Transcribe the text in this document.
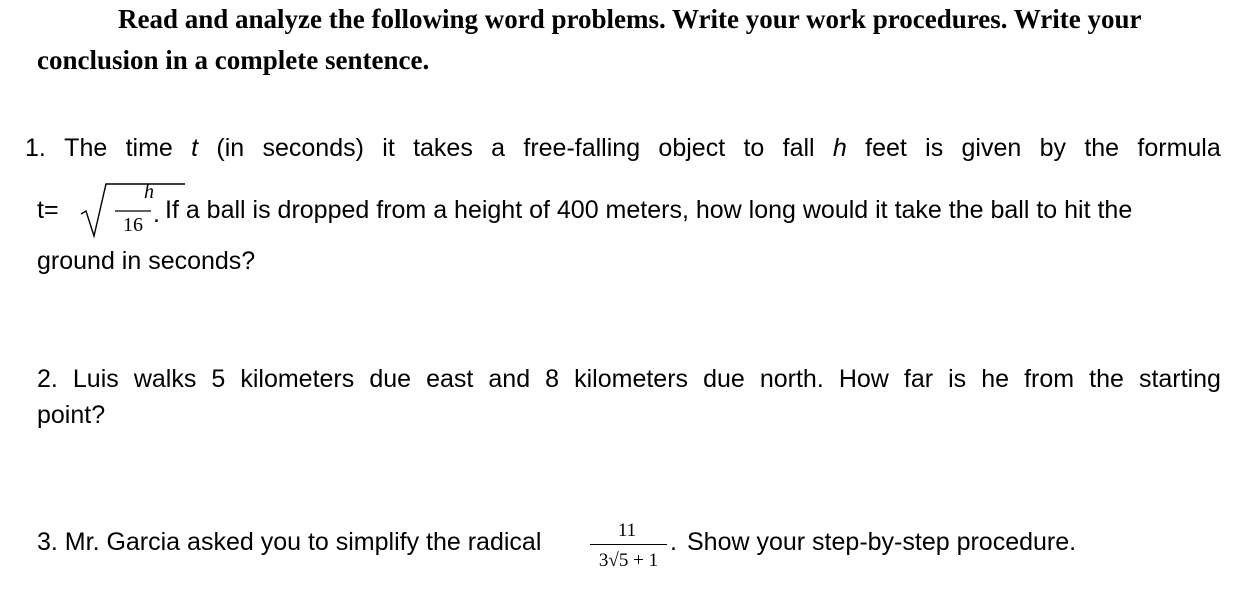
Read and analyze the following word problems. Write your work procedures. Write your
conclusion in a complete sentence.
1. The time t (in seconds) it takes a free-falling object to fall h feet is given by the formula
t=
h
16 . If a ball is dropped from a height of 400 meters, how long would it take the ball to hit the
ground in seconds?
2. Luis walks 5 kilometers due east and 8 kilometers due north. How far is he from the starting
point?
3. Mr. Garcia asked you to simplify the radical	11
3√5 + 1
. Show your step-by-step procedure.
